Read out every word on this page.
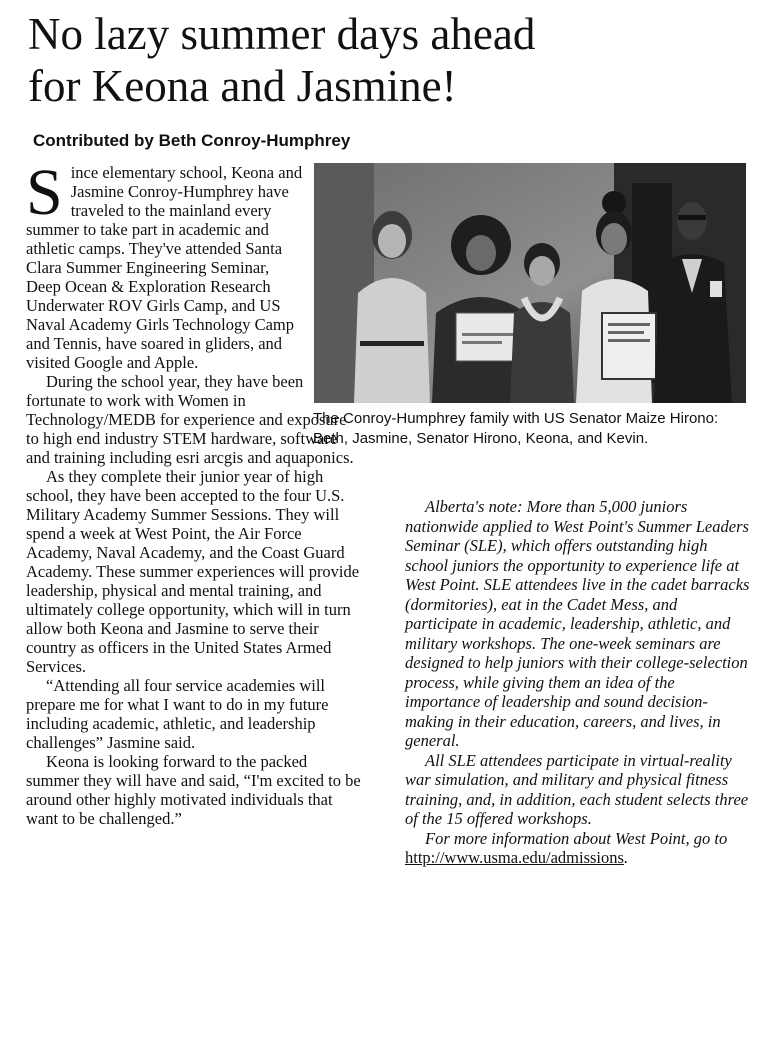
No lazy summer days ahead
for Keona and Jasmine!

Contributed by Beth Conroy-Humphrey

Since elementary school, Keona and Jasmine Conroy-Humphrey have traveled to the mainland every summer to take part in academic and athletic camps. They've attended Santa Clara Summer Engineering Seminar, Deep Ocean & Exploration Research Underwater ROV Girls Camp, and US Naval Academy Girls Technology Camp and Tennis, have soared in gliders, and visited Google and Apple.

During the school year, they have been fortunate to work with Women in Technology/MEDB for experience and exposure to high end industry STEM hardware, software and training including esri arcgis and aquaponics.

As they complete their junior year of high school, they have been accepted to the four U.S. Military Academy Summer Sessions. They will spend a week at West Point, the Air Force Academy, Naval Academy, and the Coast Guard Academy. These summer experiences will provide leadership, physical and mental training, and ultimately college opportunity, which will in turn allow both Keona and Jasmine to serve their country as officers in the United States Armed Services.

“Attending all four service academies will prepare me for what I want to do in my future including academic, athletic, and leadership challenges” Jasmine said.

Keona is looking forward to the packed summer they will have and said, “I'm excited to be around other highly motivated individuals that want to be challenged.”

The Conroy-Humphrey family with US Senator Maize Hirono: Beth, Jasmine, Senator Hirono, Keona, and Kevin.

Alberta's note: More than 5,000 juniors nationwide applied to West Point's Summer Leaders Seminar (SLE), which offers outstanding high school juniors the opportunity to experience life at West Point. SLE attendees live in the cadet barracks (dormitories), eat in the Cadet Mess, and participate in academic, leadership, athletic, and military workshops. The one-week seminars are designed to help juniors with their college-selection process, while giving them an idea of the importance of leadership and sound decision-making in their education, careers, and lives, in general.

All SLE attendees participate in virtual-reality war simulation, and military and physical fitness training, and, in addition, each student selects three of the 15 offered workshops.

For more information about West Point, go to http://www.usma.edu/admissions.
